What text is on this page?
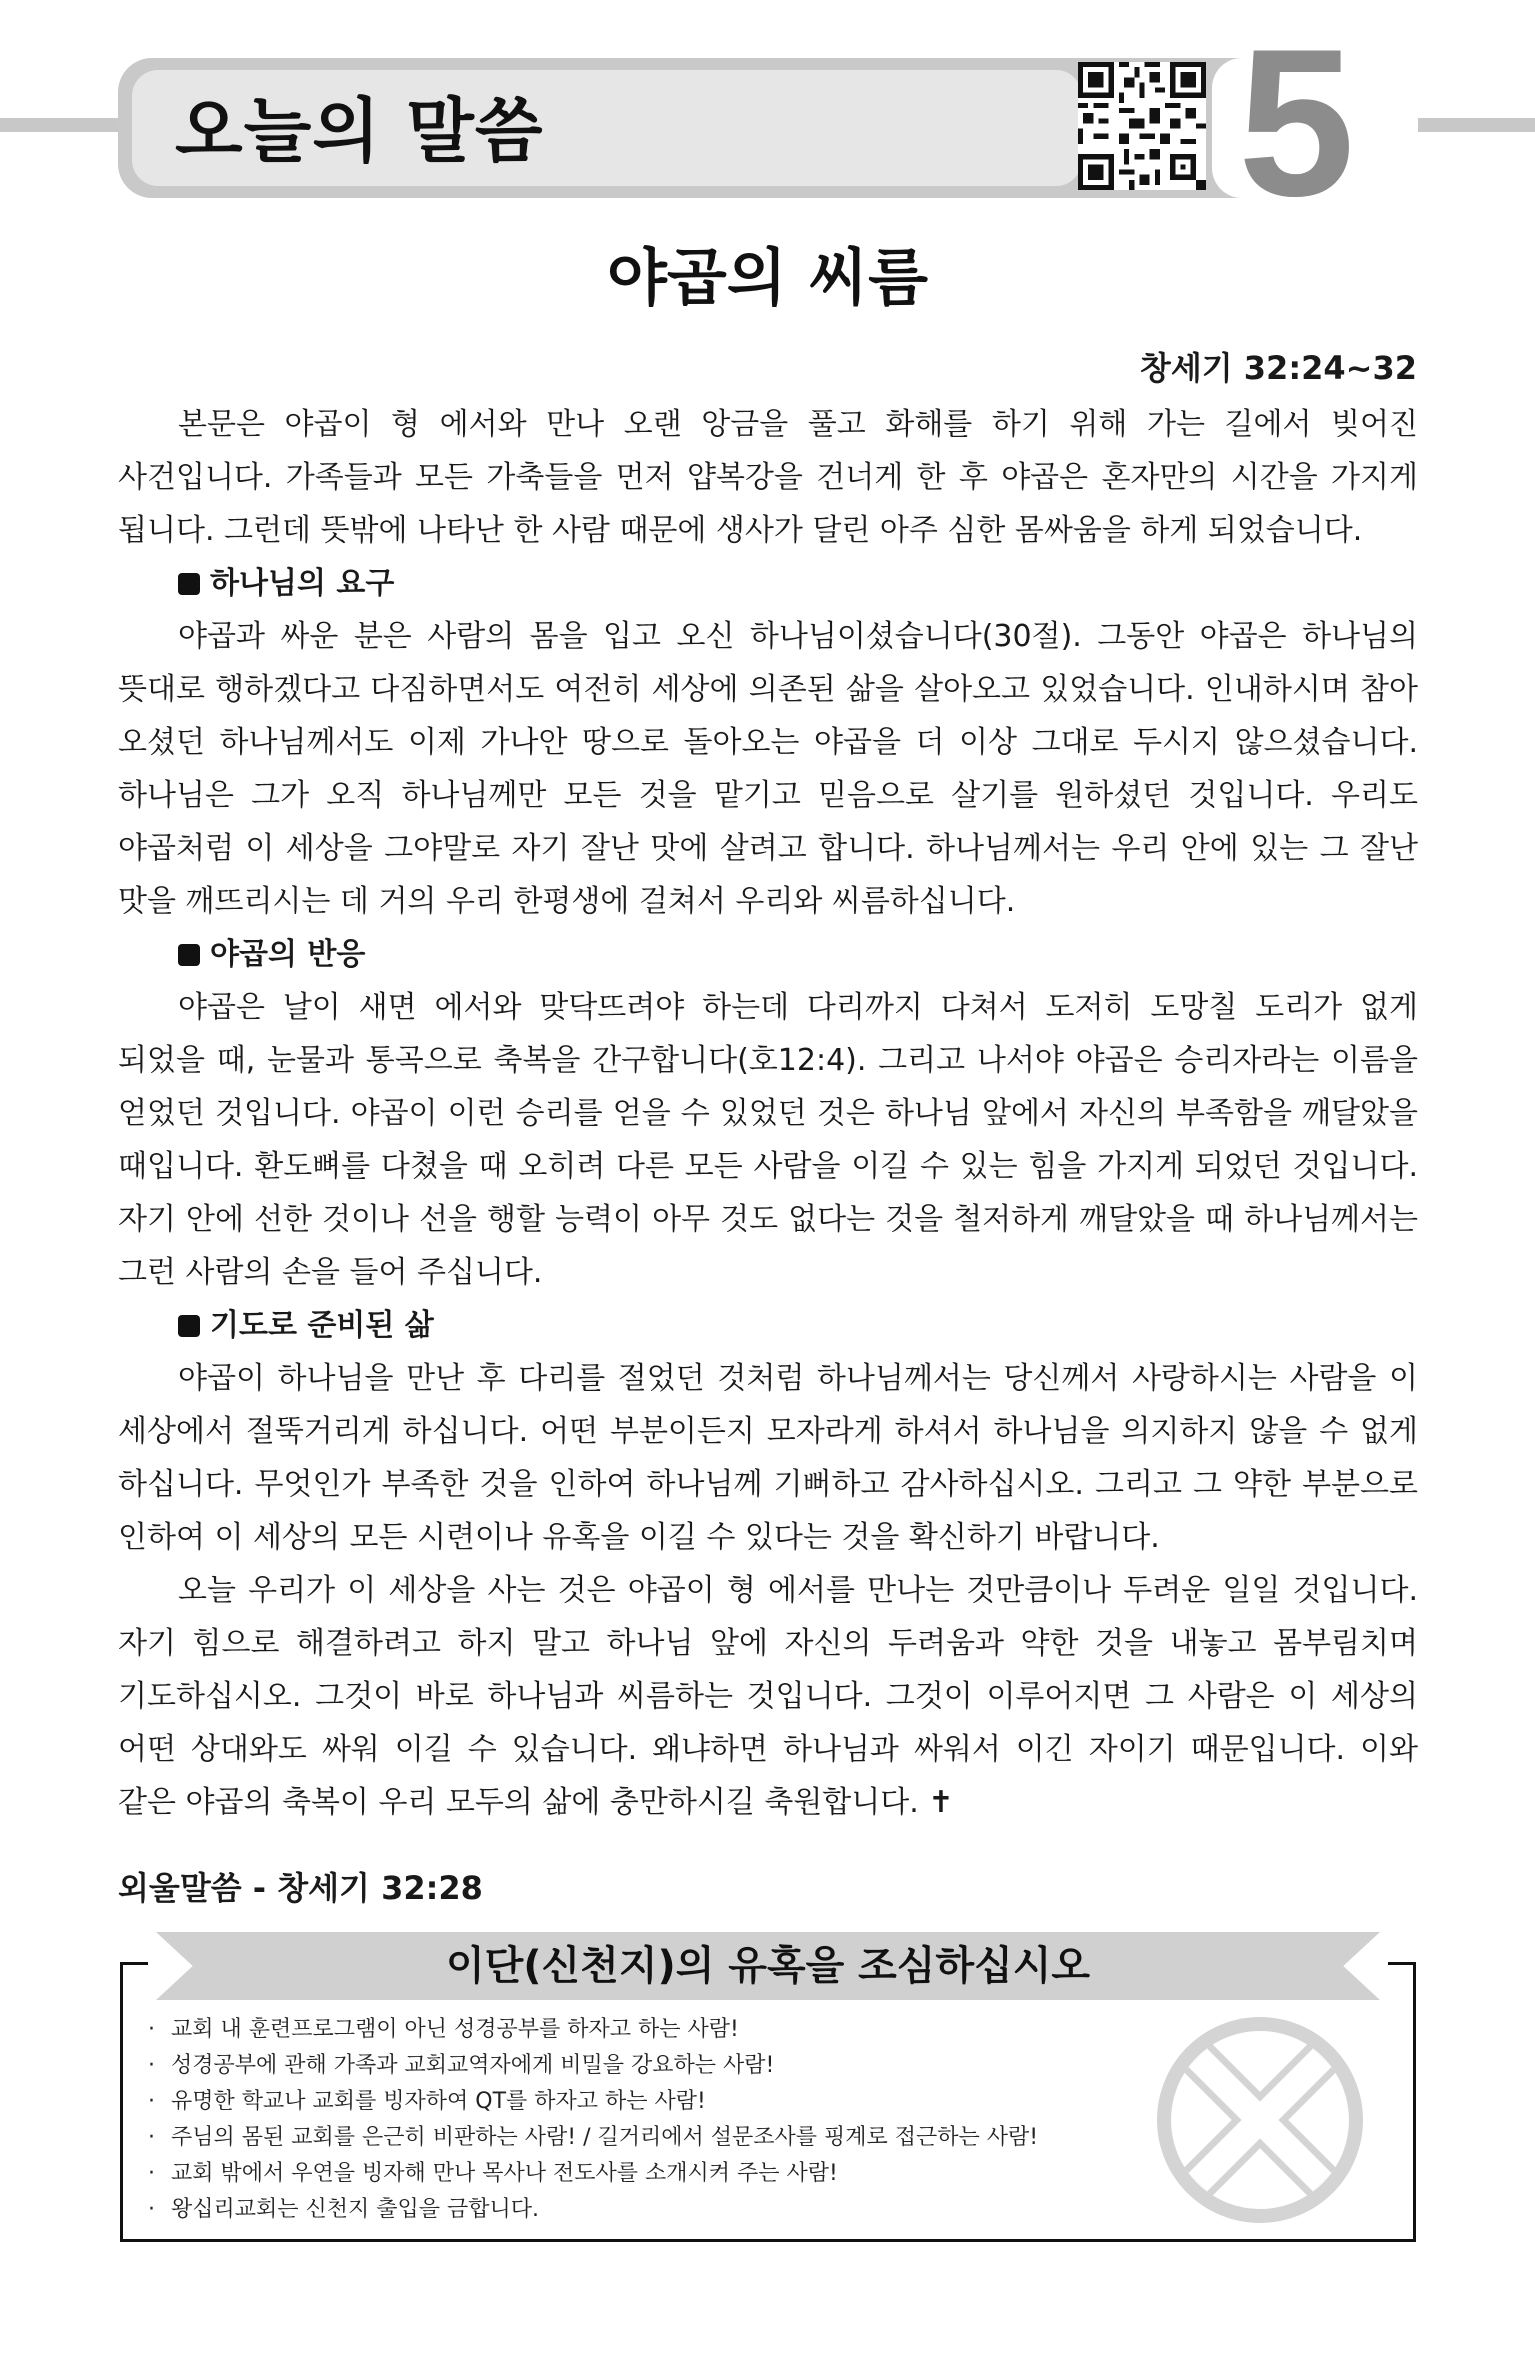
오늘의 말씀	5
야곱의 씨름
창세기 32:24~32

본문은 야곱이 형 에서와 만나 오랜 앙금을 풀고 화해를 하기 위해 가는 길에서 빚어진 사건입니다. 가족들과 모든 가축들을 먼저 얍복강을 건너게 한 후 야곱은 혼자만의 시간을 가지게 됩니다. 그런데 뜻밖에 나타난 한 사람 때문에 생사가 달린 아주 심한 몸싸움을 하게 되었습니다.

하나님의 요구

야곱과 싸운 분은 사람의 몸을 입고 오신 하나님이셨습니다(30절). 그동안 야곱은 하나님의 뜻대로 행하겠다고 다짐하면서도 여전히 세상에 의존된 삶을 살아오고 있었습니다. 인내하시며 참아 오셨던 하나님께서도 이제 가나안 땅으로 돌아오는 야곱을 더 이상 그대로 두시지 않으셨습니다. 하나님은 그가 오직 하나님께만 모든 것을 맡기고 믿음으로 살기를 원하셨던 것입니다. 우리도 야곱처럼 이 세상을 그야말로 자기 잘난 맛에 살려고 합니다. 하나님께서는 우리 안에 있는 그 잘난 맛을 깨뜨리시는 데 거의 우리 한평생에 걸쳐서 우리와 씨름하십니다.

야곱의 반응

야곱은 날이 새면 에서와 맞닥뜨려야 하는데 다리까지 다쳐서 도저히 도망칠 도리가 없게 되었을 때, 눈물과 통곡으로 축복을 간구합니다(호12:4). 그리고 나서야 야곱은 승리자라는 이름을 얻었던 것입니다. 야곱이 이런 승리를 얻을 수 있었던 것은 하나님 앞에서 자신의 부족함을 깨달았을 때입니다. 환도뼈를 다쳤을 때 오히려 다른 모든 사람을 이길 수 있는 힘을 가지게 되었던 것입니다. 자기 안에 선한 것이나 선을 행할 능력이 아무 것도 없다는 것을 철저하게 깨달았을 때 하나님께서는 그런 사람의 손을 들어 주십니다.

기도로 준비된 삶

야곱이 하나님을 만난 후 다리를 절었던 것처럼 하나님께서는 당신께서 사랑하시는 사람을 이 세상에서 절뚝거리게 하십니다. 어떤 부분이든지 모자라게 하셔서 하나님을 의지하지 않을 수 없게 하십니다. 무엇인가 부족한 것을 인하여 하나님께 기뻐하고 감사하십시오. 그리고 그 약한 부분으로 인하여 이 세상의 모든 시련이나 유혹을 이길 수 있다는 것을 확신하기 바랍니다.

오늘 우리가 이 세상을 사는 것은 야곱이 형 에서를 만나는 것만큼이나 두려운 일일 것입니다. 자기 힘으로 해결하려고 하지 말고 하나님 앞에 자신의 두려움과 약한 것을 내놓고 몸부림치며 기도하십시오. 그것이 바로 하나님과 씨름하는 것입니다. 그것이 이루어지면 그 사람은 이 세상의 어떤 상대와도 싸워 이길 수 있습니다. 왜냐하면 하나님과 싸워서 이긴 자이기 때문입니다. 이와 같은 야곱의 축복이 우리 모두의 삶에 충만하시길 축원합니다. ✝

외울말씀 - 창세기 32:28
이단(신천지)의 유혹을 조심하십시오
· 교회 내 훈련프로그램이 아닌 성경공부를 하자고 하는 사람!
· 성경공부에 관해 가족과 교회교역자에게 비밀을 강요하는 사람!
· 유명한 학교나 교회를 빙자하여 QT를 하자고 하는 사람!
· 주님의 몸된 교회를 은근히 비판하는 사람! / 길거리에서 설문조사를 핑계로 접근하는 사람!
· 교회 밖에서 우연을 빙자해 만나 목사나 전도사를 소개시켜 주는 사람!
· 왕십리교회는 신천지 출입을 금합니다.
